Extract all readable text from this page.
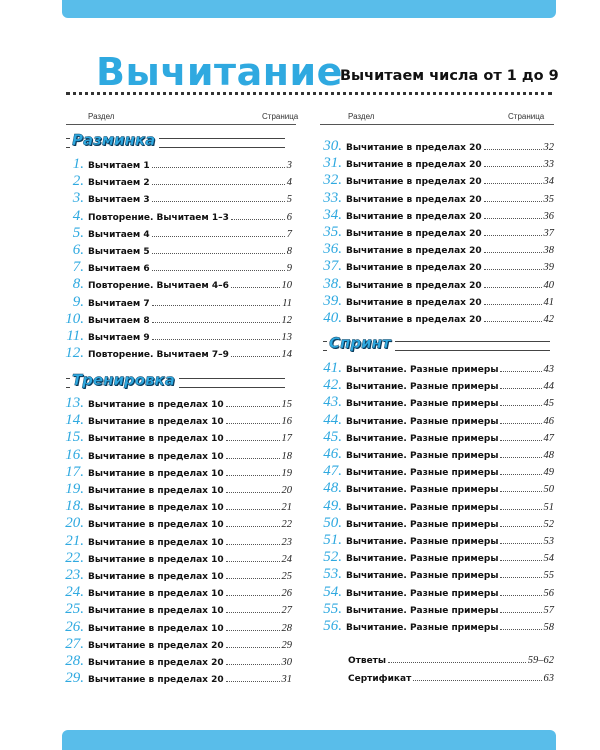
Вычитание
Вычитаем числа от 1 до 9
Раздел	Страница	Раздел	Страница
Разминка
Тренировка
Спринт
1. Вычитаем 1	3
2. Вычитаем 2	4
3. Вычитаем 3	5
4. Повторение. Вычитаем 1–3	6
5. Вычитаем 4	7
6. Вычитаем 5	8
7. Вычитаем 6	9
8. Повторение. Вычитаем 4–6	10
9. Вычитаем 7	11
10. Вычитаем 8	12
11. Вычитаем 9	13
12. Повторение. Вычитаем 7–9	14
13. Вычитание в пределах 10	15
14. Вычитание в пределах 10	16
15. Вычитание в пределах 10	17
16. Вычитание в пределах 10	18
17. Вычитание в пределах 10	19
19. Вычитание в пределах 10	20
18. Вычитание в пределах 10	21
20. Вычитание в пределах 10	22
21. Вычитание в пределах 10	23
22. Вычитание в пределах 10	24
23. Вычитание в пределах 10	25
24. Вычитание в пределах 10	26
25. Вычитание в пределах 10	27
26. Вычитание в пределах 10	28
27. Вычитание в пределах 20	29
28. Вычитание в пределах 20	30
29. Вычитание в пределах 20	31
30. Вычитание в пределах 20	32
31. Вычитание в пределах 20	33
32. Вычитание в пределах 20	34
33. Вычитание в пределах 20	35
34. Вычитание в пределах 20	36
35. Вычитание в пределах 20	37
36. Вычитание в пределах 20	38
37. Вычитание в пределах 20	39
38. Вычитание в пределах 20	40
39. Вычитание в пределах 20	41
40. Вычитание в пределах 20	42
41. Вычитание. Разные примеры	43
42. Вычитание. Разные примеры	44
43. Вычитание. Разные примеры	45
44. Вычитание. Разные примеры	46
45. Вычитание. Разные примеры	47
46. Вычитание. Разные примеры	48
47. Вычитание. Разные примеры	49
48. Вычитание. Разные примеры	50
49. Вычитание. Разные примеры	51
50. Вычитание. Разные примеры	52
51. Вычитание. Разные примеры	53
52. Вычитание. Разные примеры	54
53. Вычитание. Разные примеры	55
54. Вычитание. Разные примеры	56
55. Вычитание. Разные примеры	57
56. Вычитание. Разные примеры	58
Ответы	59–62
Сертификат	63
